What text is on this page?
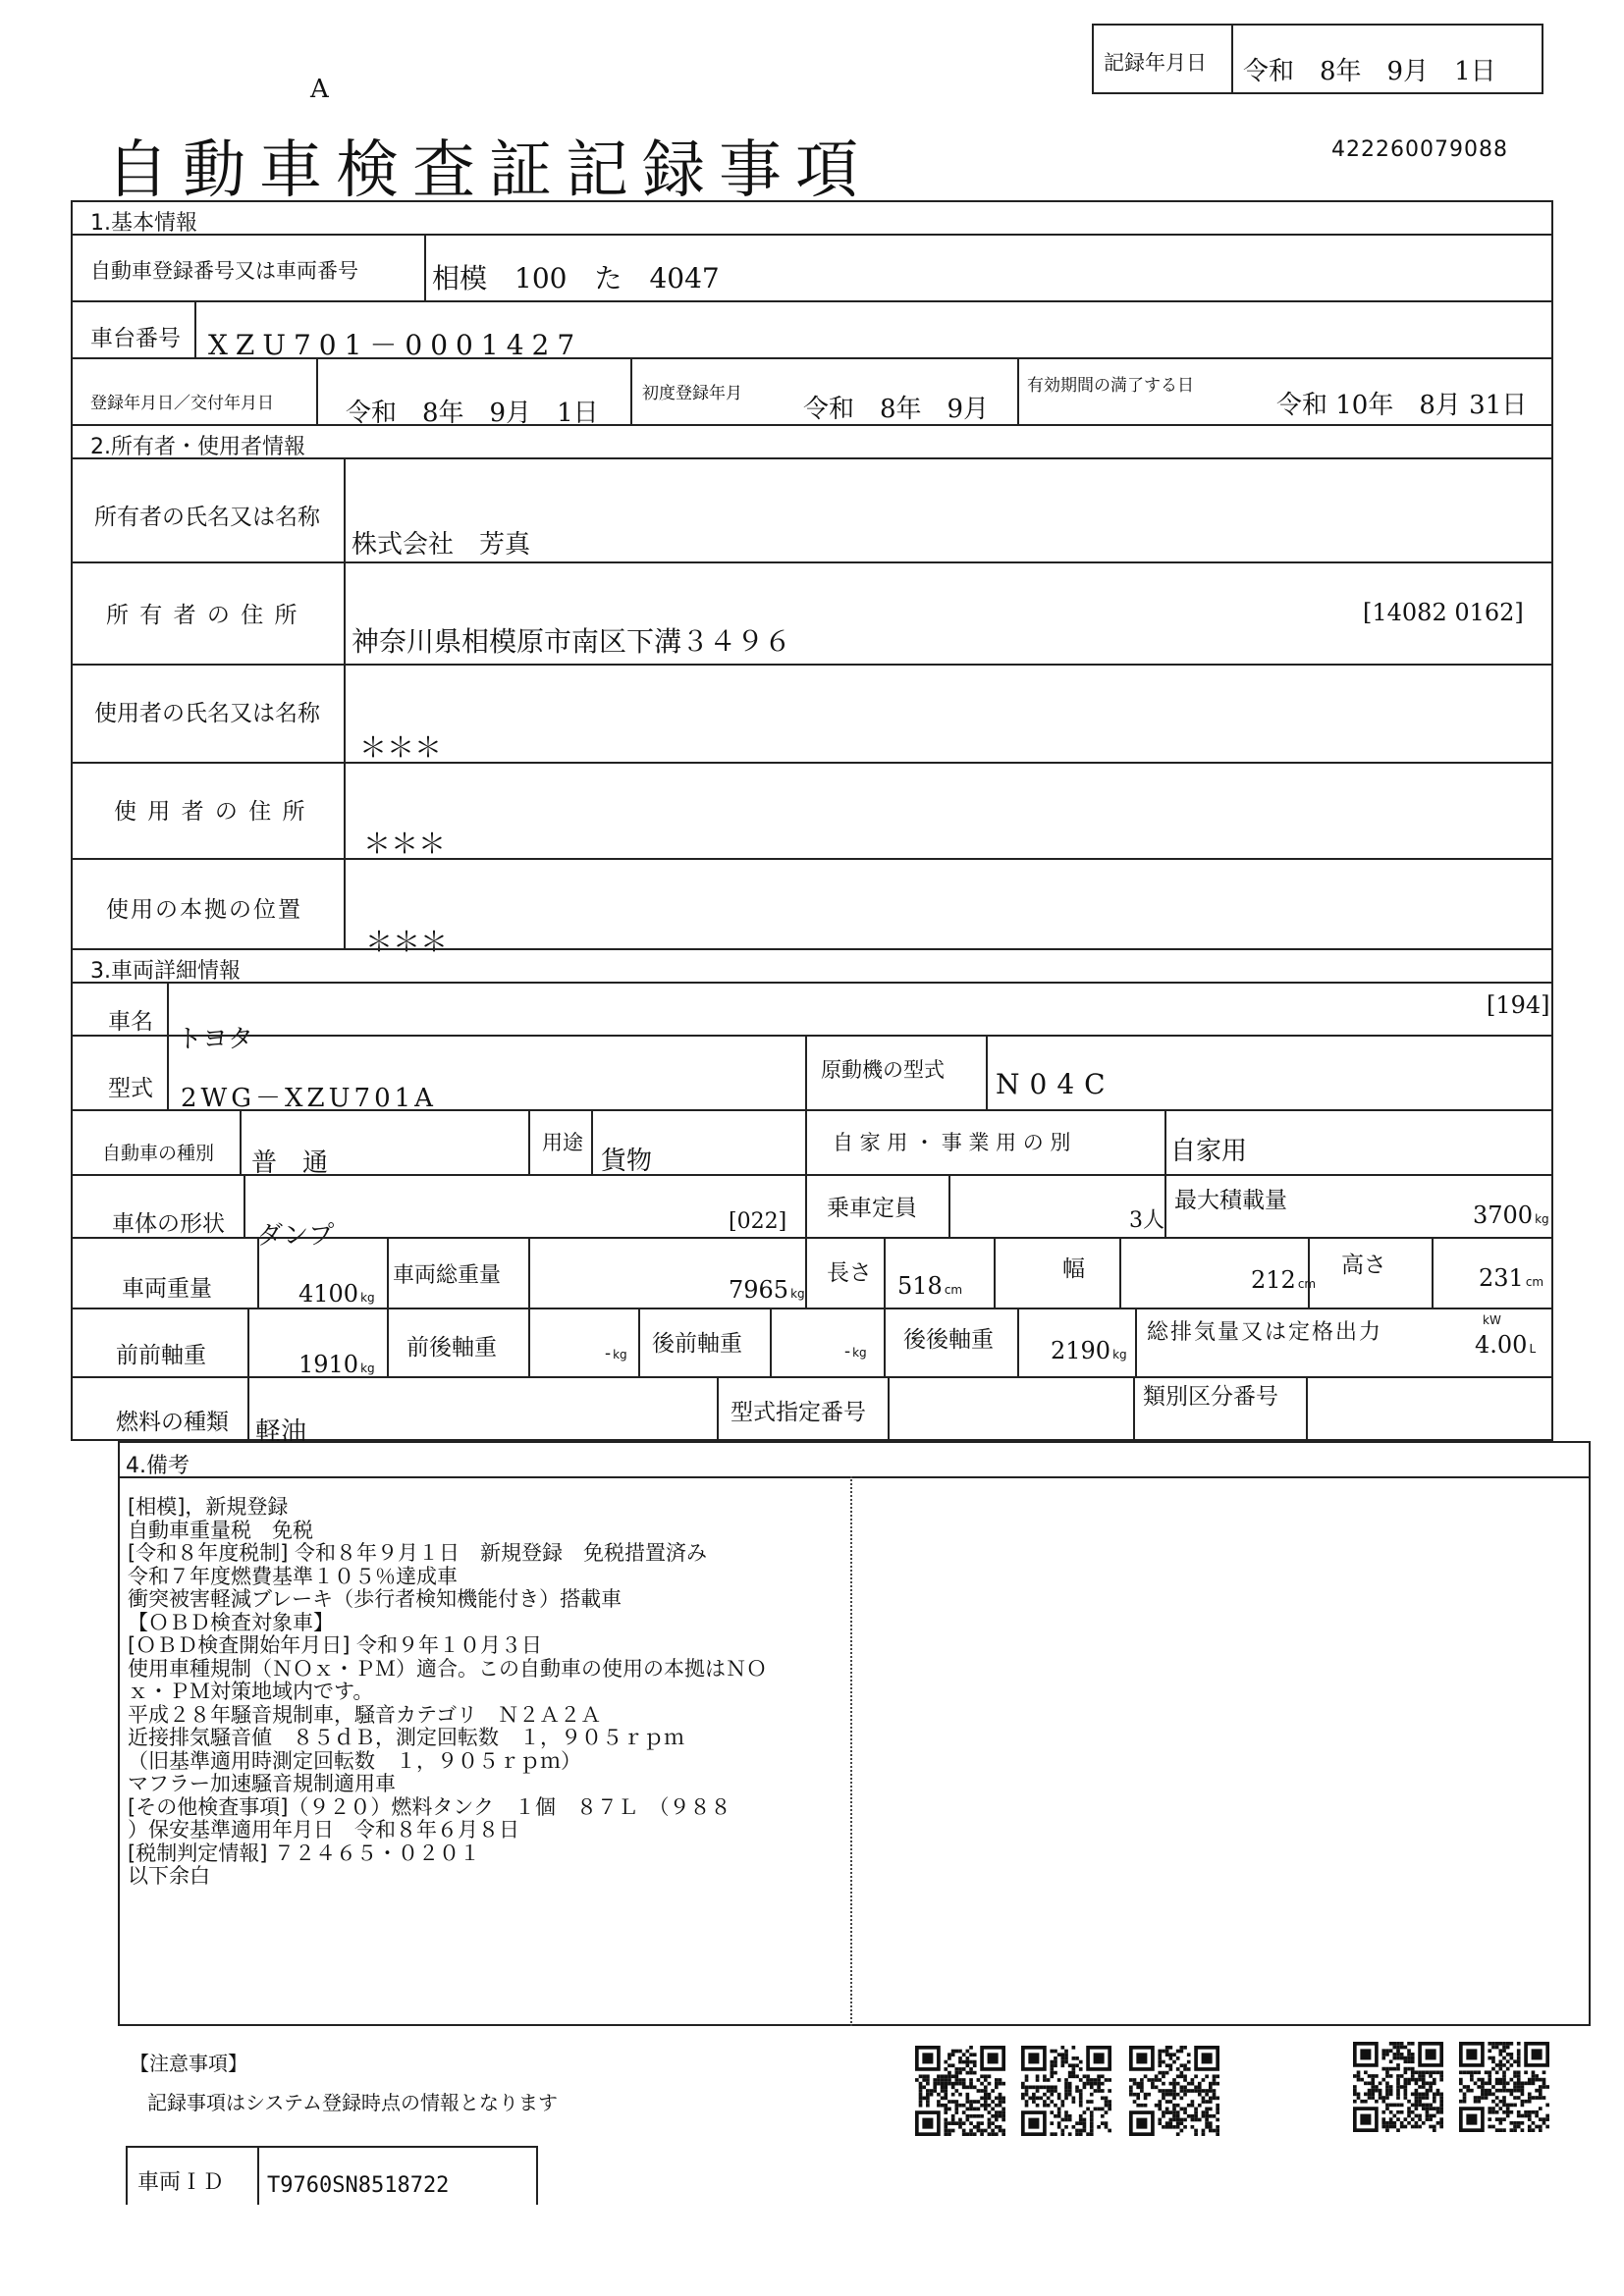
A
記録年月日 令和　8年　9月　1日
自動車検査証記録事項	422260079088
1.基本情報
自動車登録番号又は車両番号	相模　100　た　4047
車台番号 XZU701－0001427
登録年月日／交付年月日	令和　8年　9月　1日
初度登録年月
令和　8年　9月
有効期間の満了する日
令和 10年　8月 31日
2.所有者・使用者情報
所有者の氏名又は名称
株式会社　芳真
所 有 者 の 住 所	[14082 0162]
神奈川県相模原市南区下溝３４９６
使用者の氏名又は名称
＊＊＊
使 用 者 の 住 所
＊＊＊
使用の本拠の位置
＊＊＊
3.車両詳細情報
車名
トヨタ
[194]
型式 2WG－XZU701A
原動機の型式 N04C
自動車の種別 普　通
用途
貨物
自 家 用 ・ 事 業 用 の 別	自家用
車体の形状 ダンプ	[022]
乗車定員	3人
最大積載量
3700 kg
車両重量	4100 kg
車両総重量
7965 kg
長さ 518 cm
幅	212 cm
高さ	231 cm
前前軸重	1910 kg
前後軸重	- kg 後前軸重	- kg 後後軸重 2190 kg
総排気量又は定格出力	kW
4.00 L
燃料の種類 軽油
型式指定番号
類別区分番号
4.備考
[相模]，新規登録
自動車重量税　免税
[令和８年度税制] 令和８年９月１日　新規登録　免税措置済み
令和７年度燃費基準１０５％達成車
衝突被害軽減ブレーキ（歩行者検知機能付き）搭載車
【ＯＢＤ検査対象車】
[ＯＢＤ検査開始年月日] 令和９年１０月３日
使用車種規制（ＮＯｘ・ＰＭ）適合。この自動車の使用の本拠はＮＯ
ｘ・ＰＭ対策地域内です。
平成２８年騒音規制車，騒音カテゴリ　Ｎ２Ａ２Ａ
近接排気騒音値　８５ｄＢ，測定回転数　１，９０５ｒｐｍ
（旧基準適用時測定回転数　１，９０５ｒｐｍ）
マフラー加速騒音規制適用車
[その他検査事項]（９２０）燃料タンク　１個　８７Ｌ　（９８８
）保安基準適用年月日　令和８年６月８日
[税制判定情報] ７２４６５・０２０１
以下余白
【注意事項】
記録事項はシステム登録時点の情報となります
車両ＩＤ T9760SN8518722
